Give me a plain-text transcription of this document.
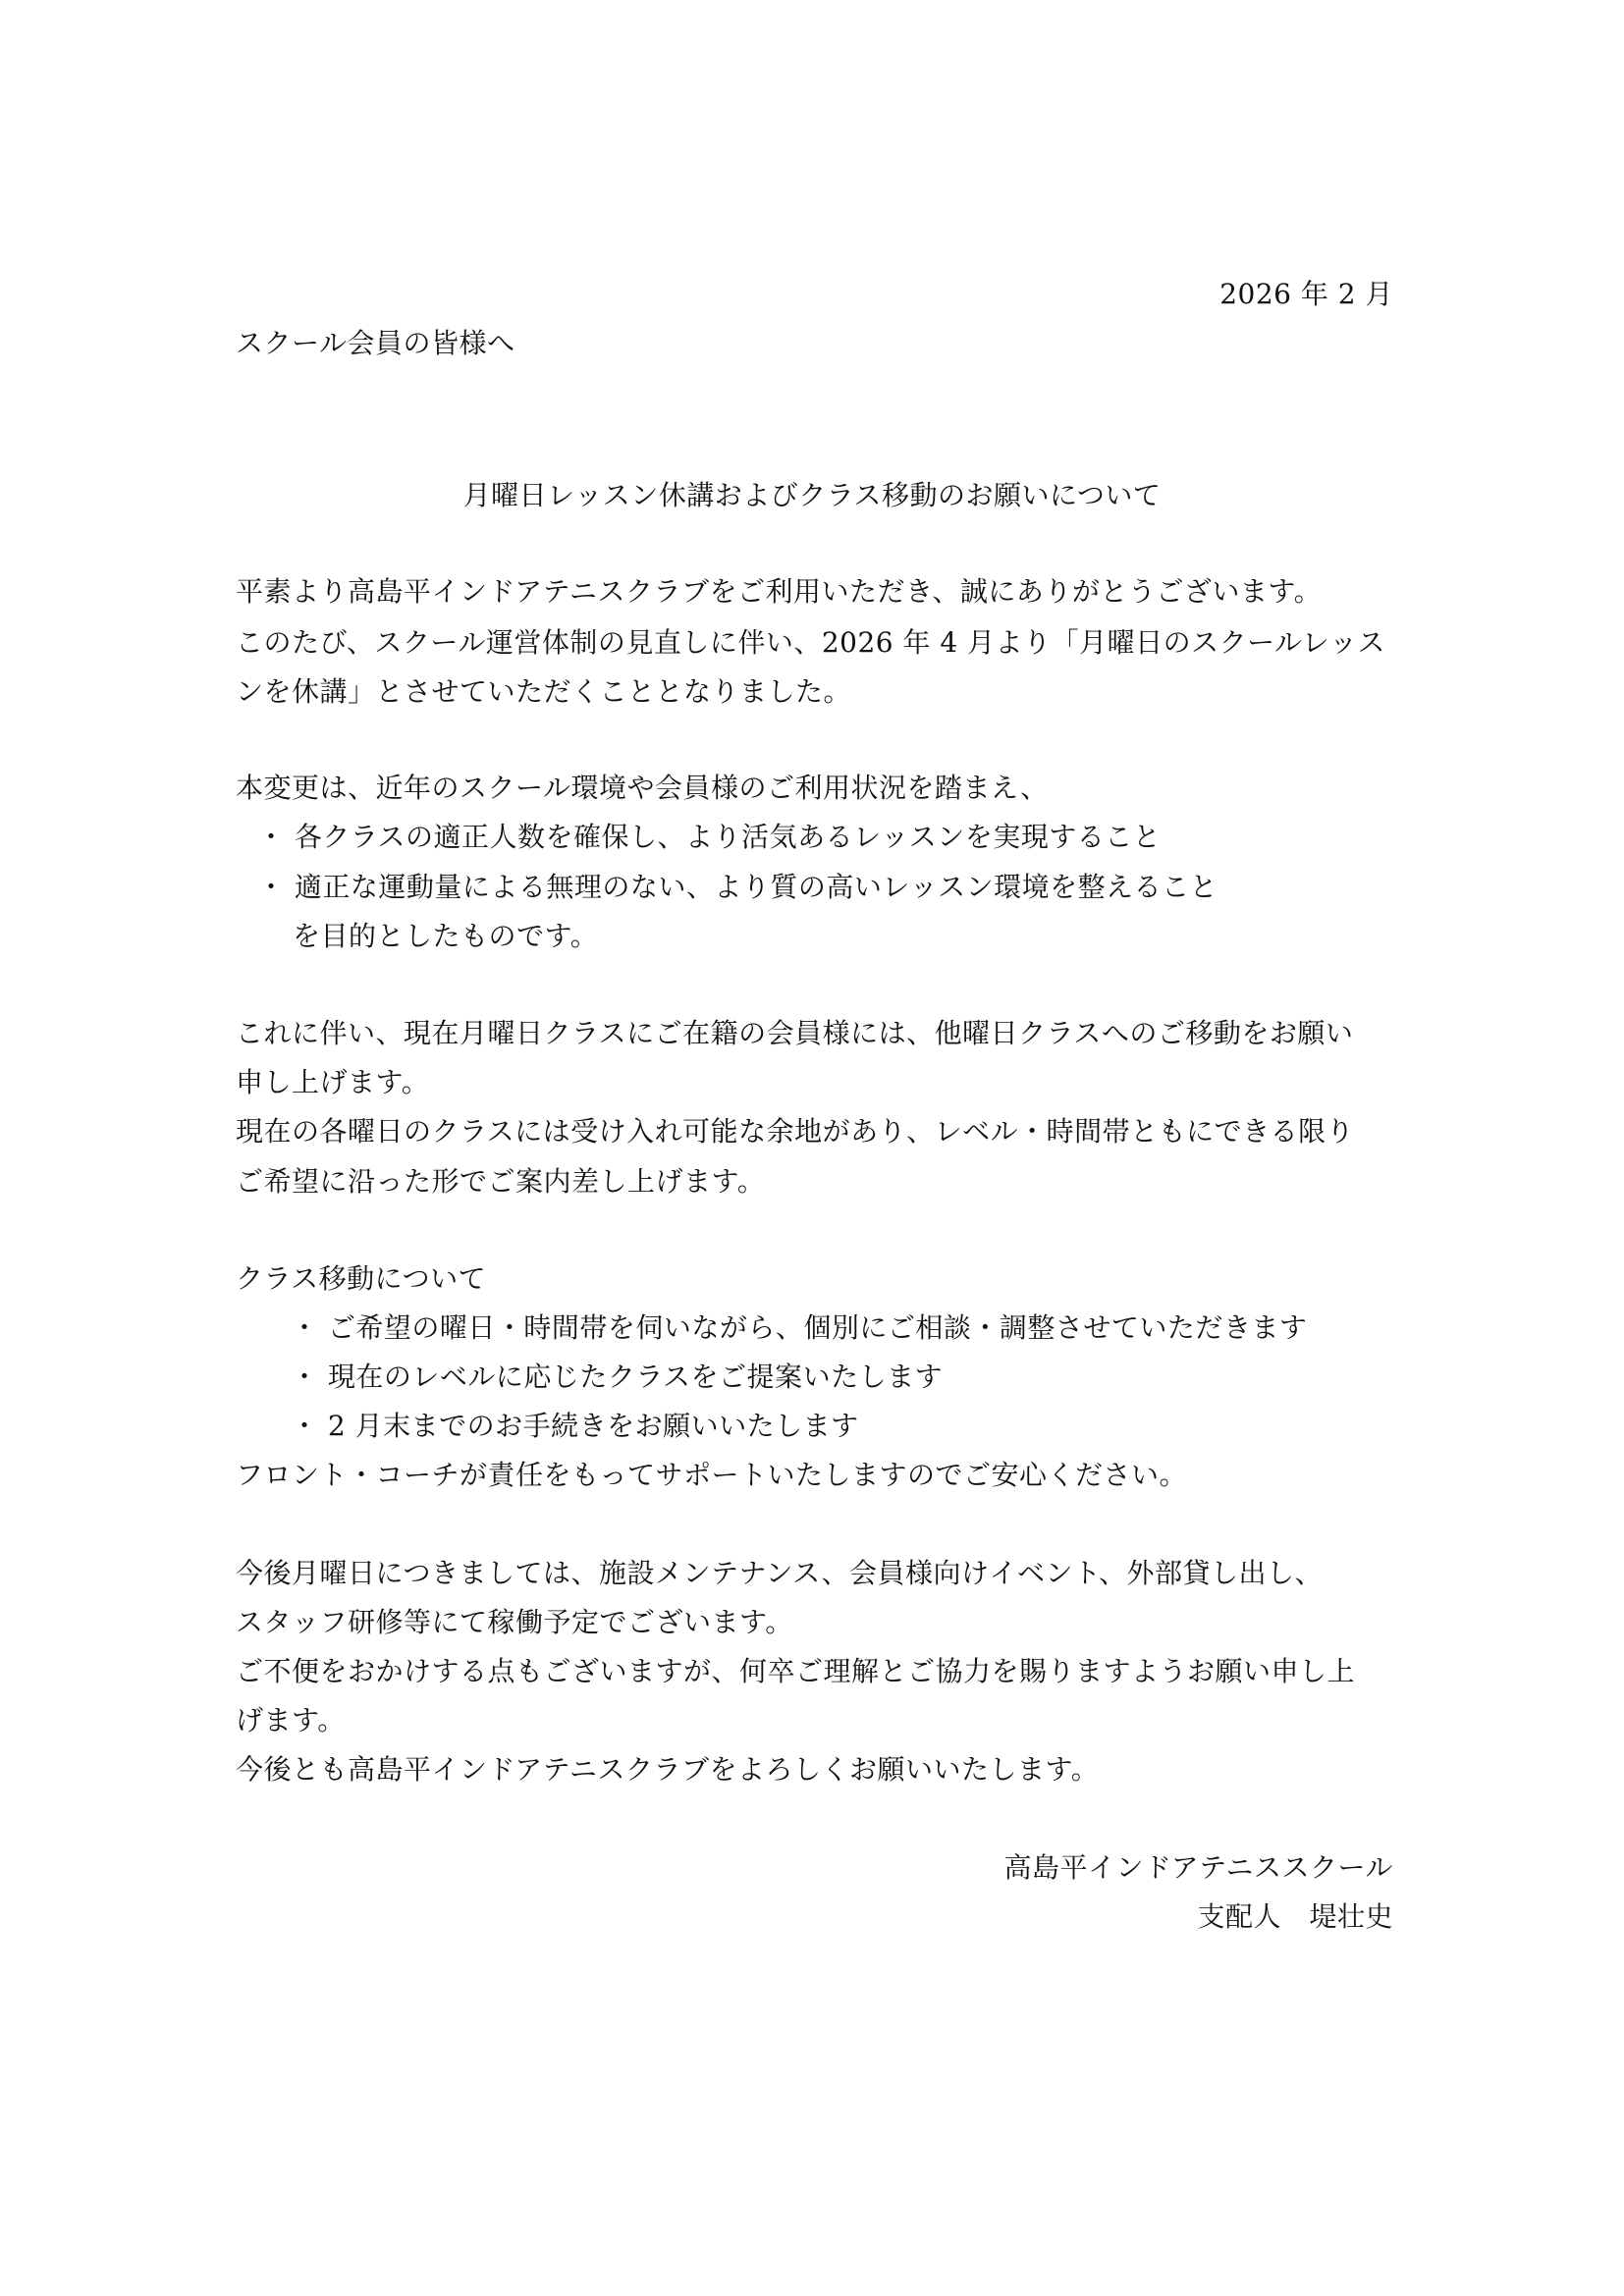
2026 年 2 月
スクール会員の皆様へ
月曜日レッスン休講およびクラス移動のお願いについて
平素より高島平インドアテニスクラブをご利用いただき、誠にありがとうございます。
このたび、スクール運営体制の見直しに伴い、2026 年 4 月より「月曜日のスクールレッス
ンを休講」とさせていただくこととなりました。
本変更は、近年のスクール環境や会員様のご利用状況を踏まえ、
・ 各クラスの適正人数を確保し、より活気あるレッスンを実現すること
・ 適正な運動量による無理のない、より質の高いレッスン環境を整えること
を目的としたものです。
これに伴い、現在月曜日クラスにご在籍の会員様には、他曜日クラスへのご移動をお願い
申し上げます。
現在の各曜日のクラスには受け入れ可能な余地があり、レベル・時間帯ともにできる限り
ご希望に沿った形でご案内差し上げます。
クラス移動について
・ ご希望の曜日・時間帯を伺いながら、個別にご相談・調整させていただきます
・ 現在のレベルに応じたクラスをご提案いたします
・ 2 月末までのお手続きをお願いいたします
フロント・コーチが責任をもってサポートいたしますのでご安心ください。
今後月曜日につきましては、施設メンテナンス、会員様向けイベント、外部貸し出し、
スタッフ研修等にて稼働予定でございます。
ご不便をおかけする点もございますが、何卒ご理解とご協力を賜りますようお願い申し上
げます。
今後とも高島平インドアテニスクラブをよろしくお願いいたします。
高島平インドアテニススクール
支配人　堤壮史
